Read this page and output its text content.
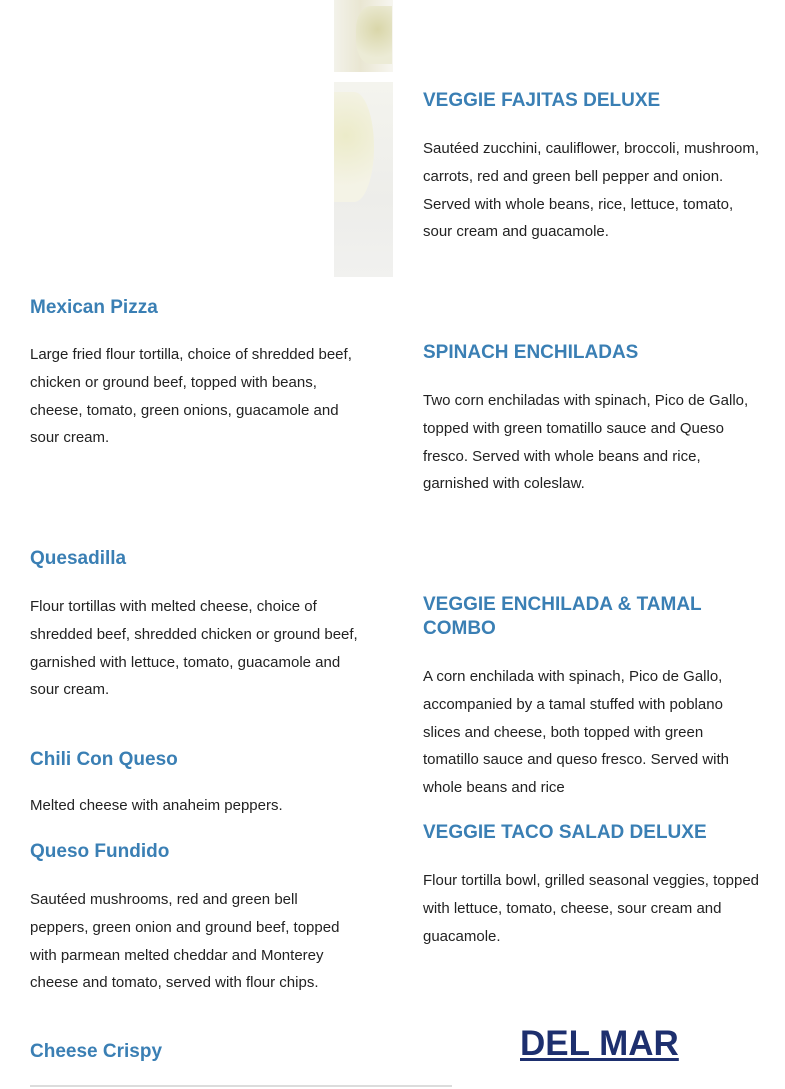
VEGGIE FAJITAS DELUXE

Sautéed zucchini, cauliflower, broccoli, mushroom, carrots, red and green bell pepper and onion. Served with whole beans, rice, lettuce, tomato, sour cream and guacamole.

SPINACH ENCHILADAS

Two corn enchiladas with spinach, Pico de Gallo, topped with green tomatillo sauce and Queso fresco. Served with whole beans and rice, garnished with coleslaw.

VEGGIE ENCHILADA & TAMAL COMBO

A corn enchilada with spinach, Pico de Gallo, accompanied by a tamal stuffed with poblano slices and cheese, both topped with green tomatillo sauce and queso fresco. Served with whole beans and rice

VEGGIE TACO SALAD DELUXE

Flour tortilla bowl, grilled seasonal veggies, topped with lettuce, tomato, cheese, sour cream and guacamole.

Mexican Pizza

Large fried flour tortilla, choice of shredded beef, chicken or ground beef, topped with beans, cheese, tomato, green onions, guacamole and sour cream.

Quesadilla

Flour tortillas with melted cheese, choice of shredded beef, shredded chicken or ground beef, garnished with lettuce, tomato, guacamole and sour cream.

Chili Con Queso

Melted cheese with anaheim peppers.

Queso Fundido

Sautéed mushrooms, red and green bell peppers, green onion and ground beef, topped with parmean melted cheddar and Monterey cheese and tomato, served with flour chips.

Cheese Crispy	DEL MAR
